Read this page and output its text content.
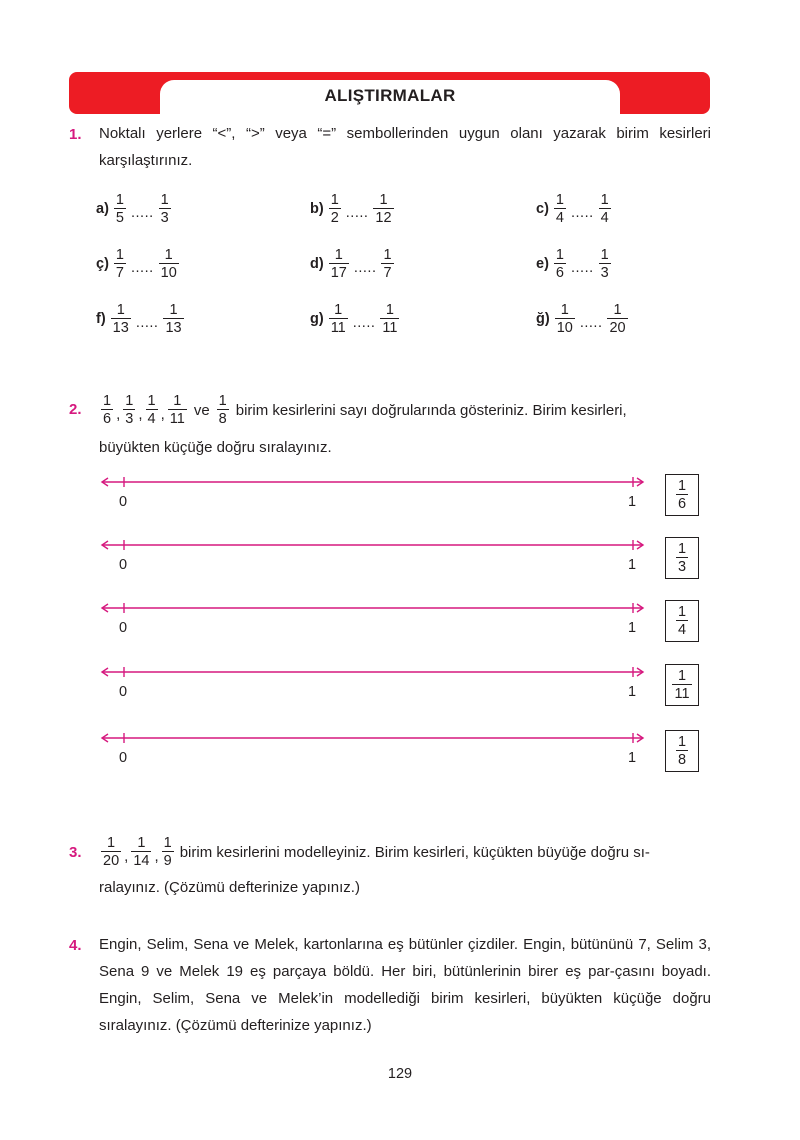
ALIŞTIRMALAR
1. Noktalı yerlere “<”, “>” veya “=” sembollerinden uygun olanı yazarak birim kesirleri karşılaştırınız.
$a) \frac{1}{5}$ ..... $\frac{1}{3}$	$b) \frac{1}{2}$ ..... $\frac{1}{12}$	$c) \frac{1}{4}$ ..... $\frac{1}{4}$
ç) $\frac{1}{7}$ ..... $\frac{1}{10}$	$d) \frac{1}{17}$ ..... $\frac{1}{7}$	$e) \frac{1}{6}$ ..... $\frac{1}{3}$
$f) \frac{1}{13}$ ..... $\frac{1}{13}$	$g) \frac{1}{11}$ ..... $\frac{1}{11}$	ğ) $\frac{1}{10}$ ..... $\frac{1}{20}$
2. $\frac{1}{6}$ , $\frac{1}{3}$ , $\frac{1}{4}$ , $\frac{1}{11}$ ve $\frac{1}{8}$ birim kesirlerini sayı doğrularında gösteriniz. Birim kesirleri,
büyükten küçüğe doğru sıralayınız.
0	1	$\frac{1}{6}$
0	1	$\frac{1}{3}$
0	1	$\frac{1}{4}$
0	$1 \frac{1}{11}$
0	1	$\frac{1}{8}$
3. $\frac{1}{20}$ , $\frac{1}{14}$ , $\frac{1}{9}$ birim kesirlerini modelleyiniz. Birim kesirleri, küçükten büyüğe doğru sı-
ralayınız. (Çözümü defterinize yapınız.)
4. Engin, Selim, Sena ve Melek, kartonlarına eş bütünler çizdiler. Engin, bütününü 7, Selim 3, Sena 9 ve Melek 19 eş parçaya böldü. Her biri, bütünlerinin birer eş par-çasını boyadı. Engin, Selim, Sena ve Melek’in modellediği birim kesirleri, büyükten küçüğe doğru sıralayınız. (Çözümü defterinize yapınız.)
129
